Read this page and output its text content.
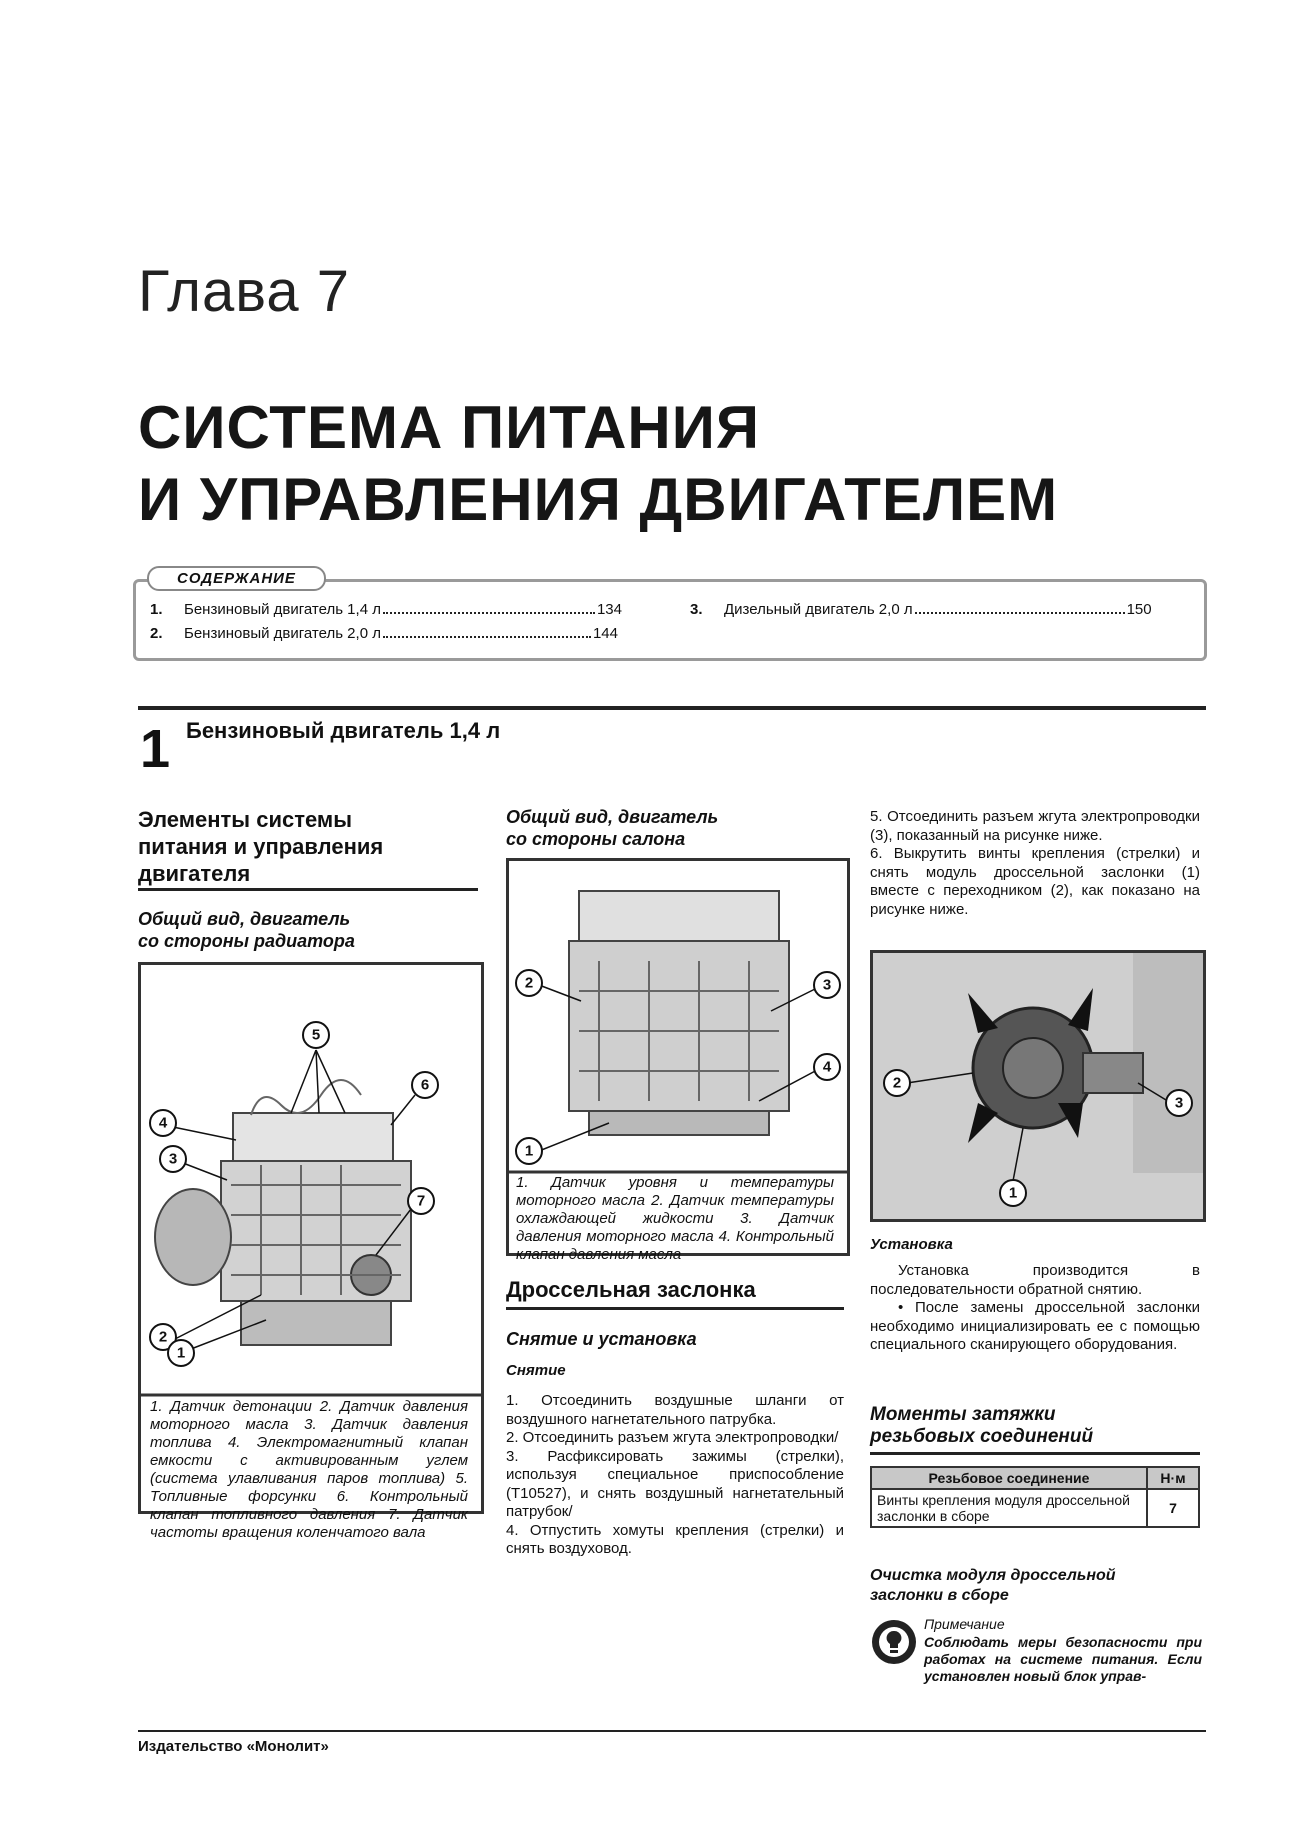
Глава 7
СИСТЕМА ПИТАНИЯ
И УПРАВЛЕНИЯ ДВИГАТЕЛЕМ
СОДЕРЖАНИЕ
1. Бензиновый двигатель 1,4 л	134
2. Бензиновый двигатель 2,0 л	144
3. Дизельный двигатель 2,0 л	150
1 Бензиновый двигатель 1,4 л
Элементы системы
питания и управления
двигателя
Общий вид, двигатель
со стороны радиатора
5
6
4
3
7
2
1
1. Датчик детонации 2. Датчик давления моторного масла 3. Датчик давления топлива 4. Электромагнитный клапан емкости с активированным углем (система улавливания паров топлива) 5. Топливные форсунки 6. Контрольный клапан топливного давления 7. Датчик частоты вращения коленчатого вала
Общий вид, двигатель
со стороны салона
2	3
4
1
1. Датчик уровня и температуры моторного масла 2. Датчик температуры охлаждающей жидкости 3. Датчик давления моторного масла 4. Контрольный клапан давления масла
Дроссельная заслонка
Снятие и установка
Снятие

1. Отсоединить воздушные шланги от воздушного нагнетательного патрубка.

2. Отсоединить разъем жгута электропроводки/

3. Расфиксировать зажимы (стрелки), используя специальное приспособление (T10527), и снять воздушный нагнетательный патрубок/

4. Отпустить хомуты крепления (стрелки) и снять воздуховод.

5. Отсоединить разъем жгута электропроводки (3), показанный на рисунке ниже.

6. Выкрутить винты крепления (стрелки) и снять модуль дроссельной заслонки (1) вместе с переходником (2), как показано на рисунке ниже.

2
3
1
Установка

Установка производится в последовательности обратной снятию.

• После замены дроссельной заслонки необходимо инициализировать ее с помощью специального сканирующего оборудования.

Моменты затяжки
резьбовых соединений
Резьбовое соединение	Н·м
Винты крепления модуля дроссельной заслонки в сборе	7
Очистка модуля дроссельной
заслонки в сборе
Примечание
Соблюдать меры безопасности при работах на системе питания. Если установлен новый блок управ-
Издательство «Монолит»
